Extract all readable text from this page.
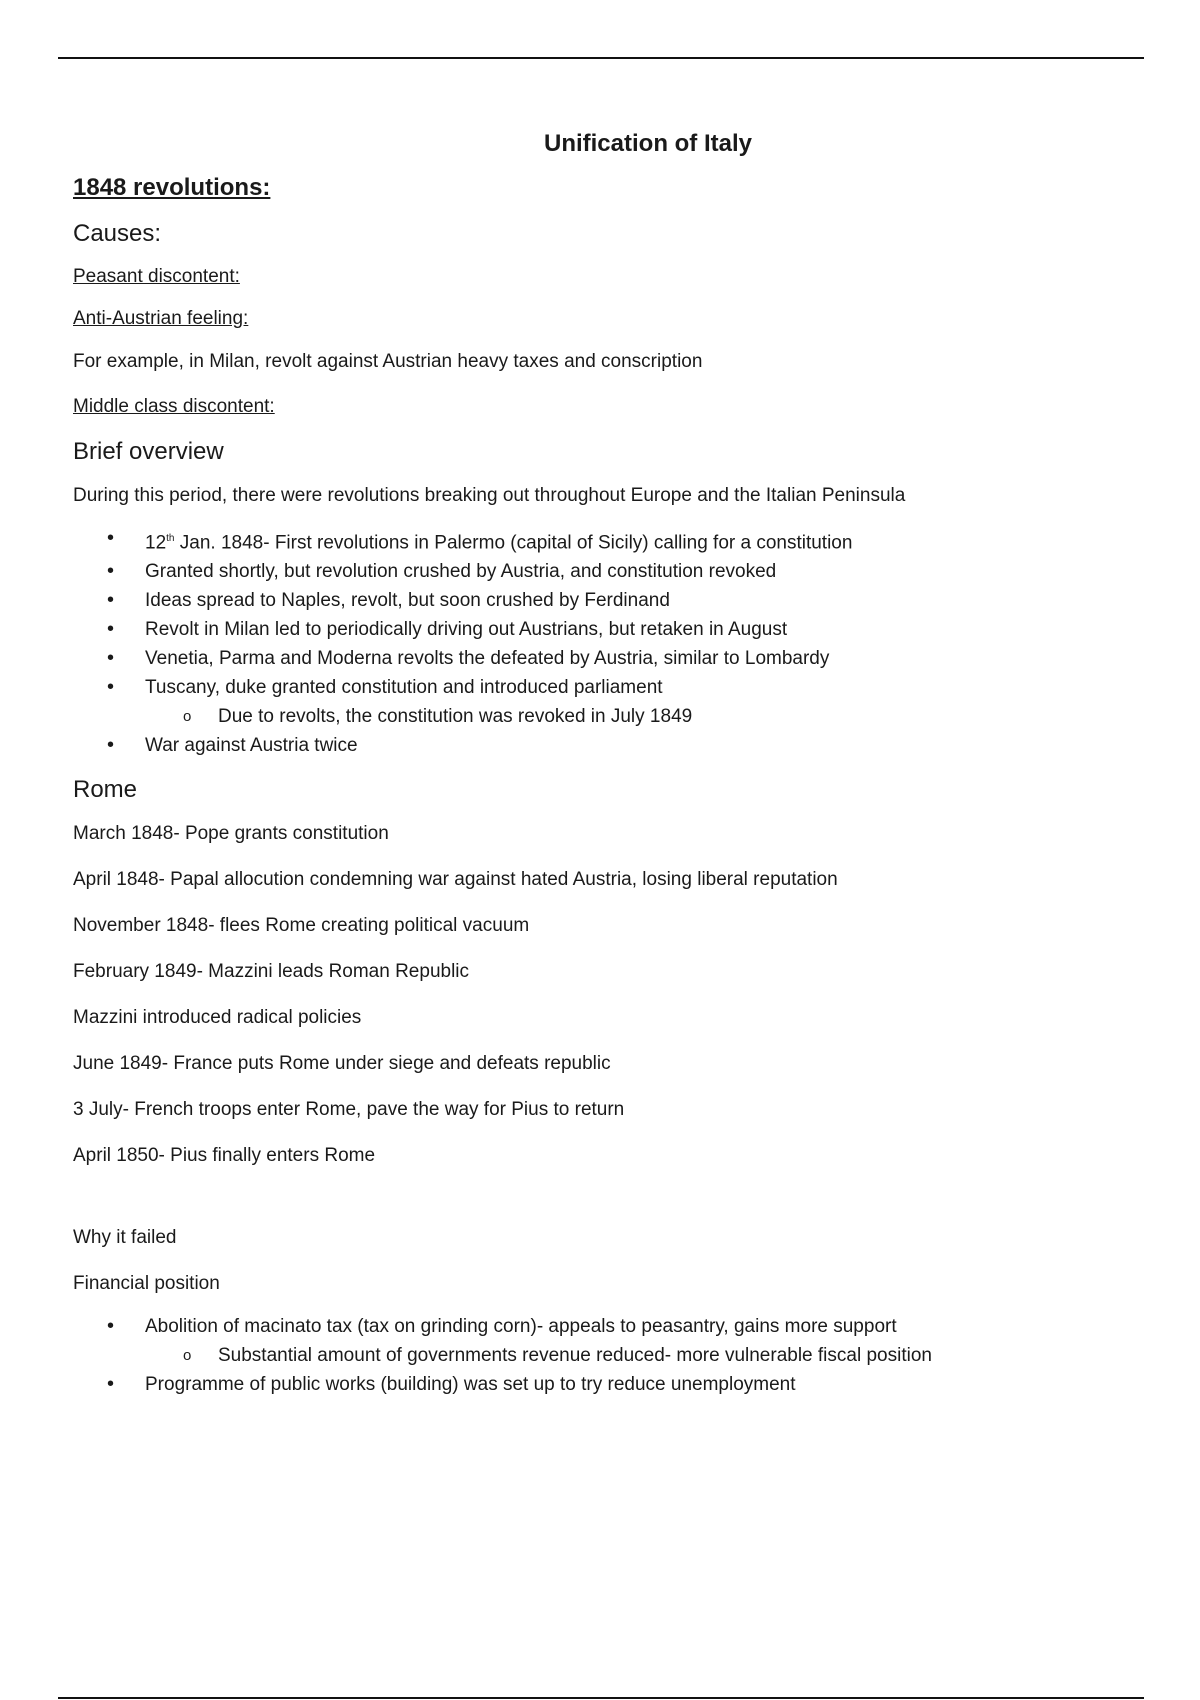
Unification of Italy
1848 revolutions:
Causes:
Peasant discontent:
Anti-Austrian feeling:
For example, in Milan, revolt against Austrian heavy taxes and conscription
Middle class discontent:
Brief overview
During this period, there were revolutions breaking out throughout Europe and the Italian Peninsula
• 12th Jan. 1848- First revolutions in Palermo (capital of Sicily) calling for a constitution
• Granted shortly, but revolution crushed by Austria, and constitution revoked
• Ideas spread to Naples, revolt, but soon crushed by Ferdinand
• Revolt in Milan led to periodically driving out Austrians, but retaken in August
• Venetia, Parma and Moderna revolts the defeated by Austria, similar to Lombardy
• Tuscany, duke granted constitution and introduced parliament
o Due to revolts, the constitution was revoked in July 1849
• War against Austria twice
Rome
March 1848- Pope grants constitution
April 1848- Papal allocution condemning war against hated Austria, losing liberal reputation
November 1848- flees Rome creating political vacuum
February 1849- Mazzini leads Roman Republic
Mazzini introduced radical policies
June 1849- France puts Rome under siege and defeats republic
3 July- French troops enter Rome, pave the way for Pius to return
April 1850- Pius finally enters Rome
Why it failed
Financial position
• Abolition of macinato tax (tax on grinding corn)- appeals to peasantry, gains more support
o Substantial amount of governments revenue reduced- more vulnerable fiscal position
• Programme of public works (building) was set up to try reduce unemployment
